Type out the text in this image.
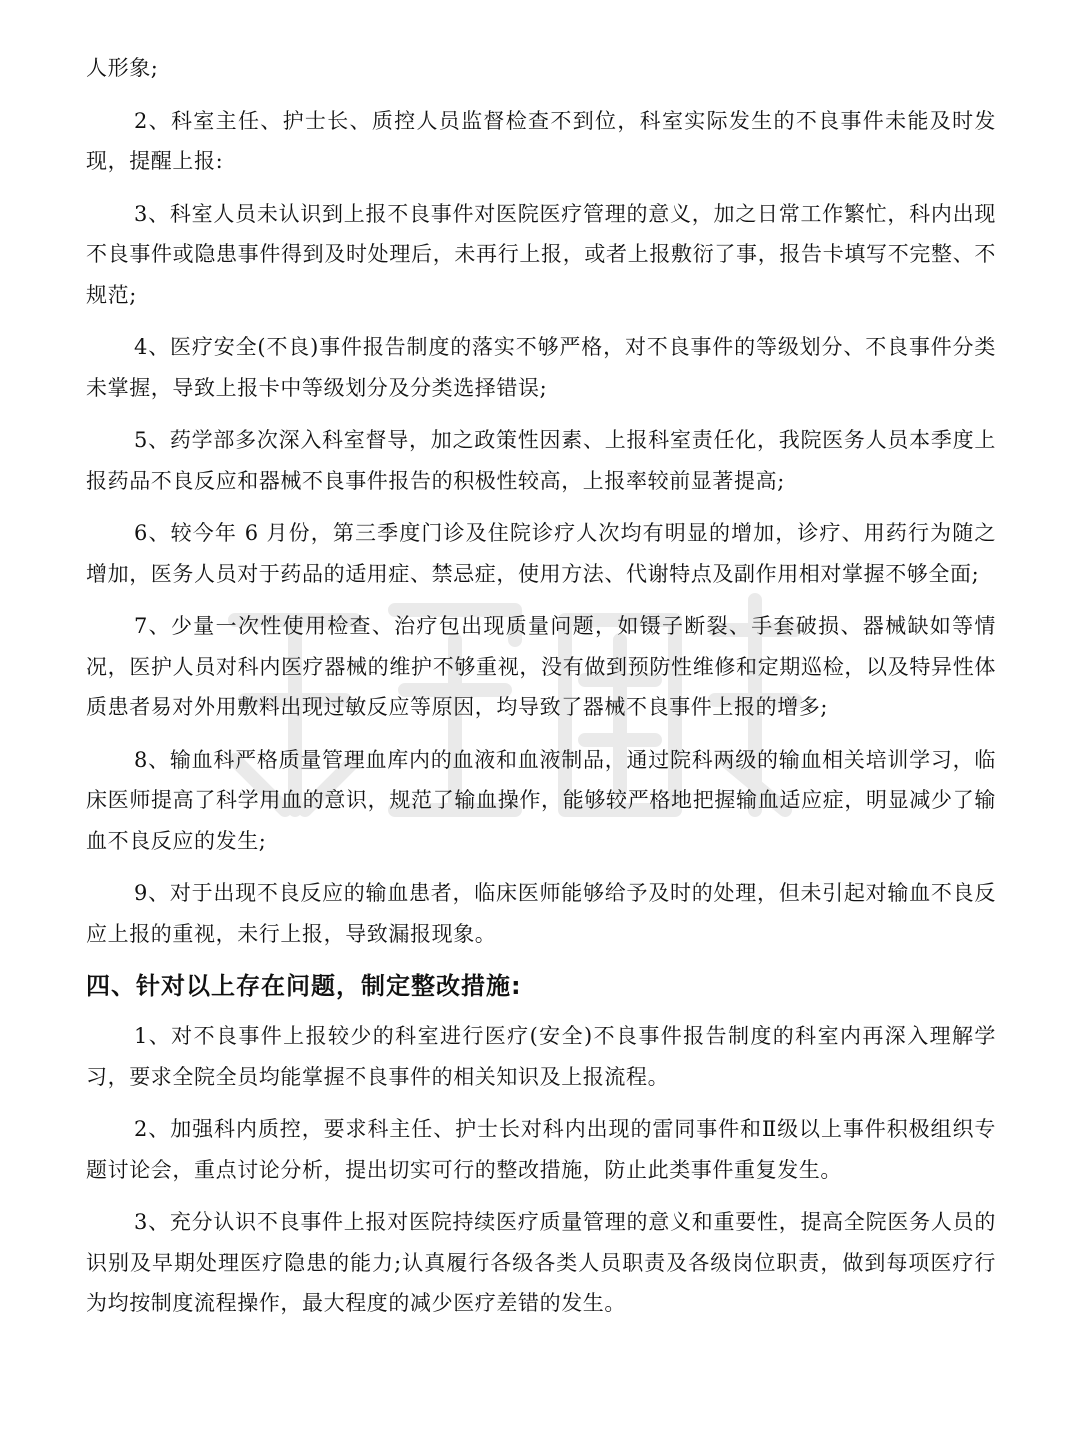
人形象;

2、科室主任、护士长、质控人员监督检查不到位，科室实际发生的不良事件未能及时发现，提醒上报:

3、科室人员未认识到上报不良事件对医院医疗管理的意义，加之日常工作繁忙，科内出现不良事件或隐患事件得到及时处理后，未再行上报，或者上报敷衍了事，报告卡填写不完整、不规范;

4、医疗安全(不良)事件报告制度的落实不够严格，对不良事件的等级划分、不良事件分类未掌握，导致上报卡中等级划分及分类选择错误;

5、药学部多次深入科室督导，加之政策性因素、上报科室责任化，我院医务人员本季度上报药品不良反应和器械不良事件报告的积极性较高，上报率较前显著提高;

6、较今年 6 月份，第三季度门诊及住院诊疗人次均有明显的增加，诊疗、用药行为随之增加，医务人员对于药品的适用症、禁忌症，使用方法、代谢特点及副作用相对掌握不够全面;

7、少量一次性使用检查、治疗包出现质量问题，如镊子断裂、手套破损、器械缺如等情况，医护人员对科内医疗器械的维护不够重视，没有做到预防性维修和定期巡检，以及特异性体质患者易对外用敷料出现过敏反应等原因，均导致了器械不良事件上报的增多;

8、输血科严格质量管理血库内的血液和血液制品，通过院科两级的输血相关培训学习，临床医师提高了科学用血的意识，规范了输血操作，能够较严格地把握输血适应症，明显减少了输血不良反应的发生;

9、对于出现不良反应的输血患者，临床医师能够给予及时的处理，但未引起对输血不良反应上报的重视，未行上报，导致漏报现象。

四、针对以上存在问题，制定整改措施:

1、对不良事件上报较少的科室进行医疗(安全)不良事件报告制度的科室内再深入理解学习，要求全院全员均能掌握不良事件的相关知识及上报流程。

2、加强科内质控，要求科主任、护士长对科内出现的雷同事件和Ⅱ级以上事件积极组织专题讨论会，重点讨论分析，提出切实可行的整改措施，防止此类事件重复发生。

3、充分认识不良事件上报对医院持续医疗质量管理的意义和重要性，提高全院医务人员的识别及早期处理医疗隐患的能力;认真履行各级各类人员职责及各级岗位职责，做到每项医疗行为均按制度流程操作，最大程度的减少医疗差错的发生。
